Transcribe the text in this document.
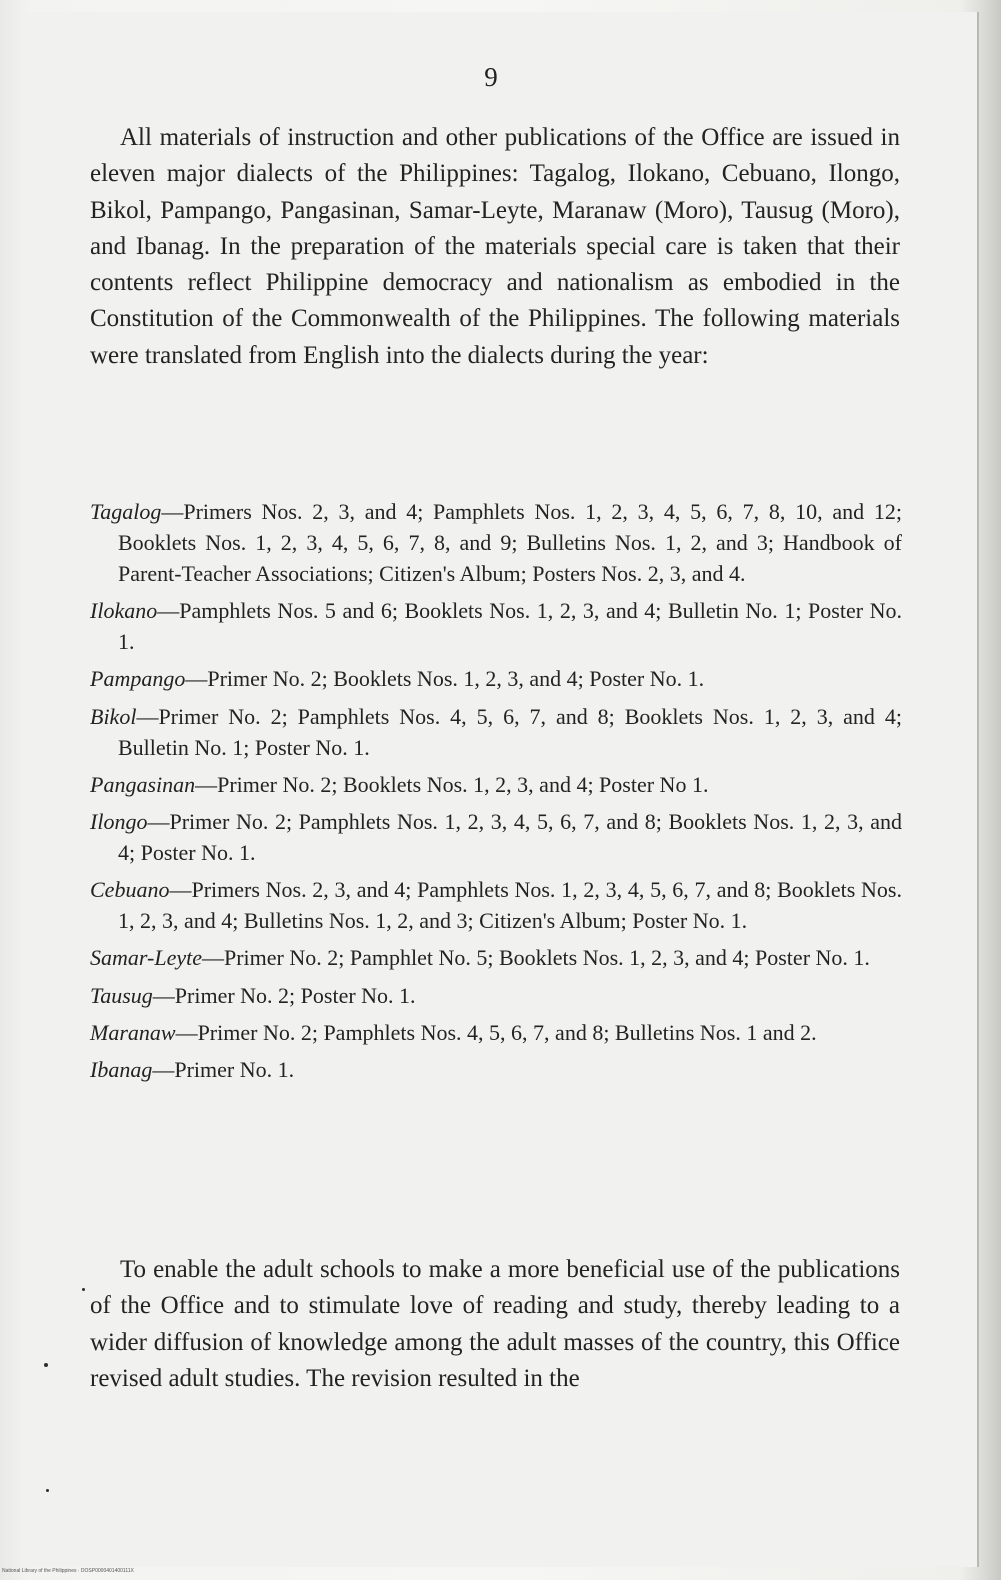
9

All materials of instruction and other publications of the Office are issued in eleven major dialects of the Philippines: Tagalog, Ilokano, Cebuano, Ilongo, Bikol, Pampango, Pangasinan, Samar-Leyte, Maranaw (Moro), Tausug (Moro), and Ibanag. In the preparation of the materials special care is taken that their contents reflect Philippine democracy and nationalism as embodied in the Constitution of the Commonwealth of the Philippines. The following materials were translated from English into the dialects during the year:

Tagalog—Primers Nos. 2, 3, and 4; Pamphlets Nos. 1, 2, 3, 4, 5, 6, 7, 8, 10, and 12; Booklets Nos. 1, 2, 3, 4, 5, 6, 7, 8, and 9; Bulletins Nos. 1, 2, and 3; Handbook of Parent-Teacher Associations; Citizen's Album; Posters Nos. 2, 3, and 4.
Ilokano—Pamphlets Nos. 5 and 6; Booklets Nos. 1, 2, 3, and 4; Bulletin No. 1; Poster No. 1.
Pampango—Primer No. 2; Booklets Nos. 1, 2, 3, and 4; Poster No. 1.
Bikol—Primer No. 2; Pamphlets Nos. 4, 5, 6, 7, and 8; Booklets Nos. 1, 2, 3, and 4; Bulletin No. 1; Poster No. 1.
Pangasinan—Primer No. 2; Booklets Nos. 1, 2, 3, and 4; Poster No 1.
Ilongo—Primer No. 2; Pamphlets Nos. 1, 2, 3, 4, 5, 6, 7, and 8; Booklets Nos. 1, 2, 3, and 4; Poster No. 1.
Cebuano—Primers Nos. 2, 3, and 4; Pamphlets Nos. 1, 2, 3, 4, 5, 6, 7, and 8; Booklets Nos. 1, 2, 3, and 4; Bulletins Nos. 1, 2, and 3; Citizen's Album; Poster No. 1.
Samar-Leyte—Primer No. 2; Pamphlet No. 5; Booklets Nos. 1, 2, 3, and 4; Poster No. 1.
Tausug—Primer No. 2; Poster No. 1.
Maranaw—Primer No. 2; Pamphlets Nos. 4, 5, 6, 7, and 8; Bulletins Nos. 1 and 2.
Ibanag—Primer No. 1.

To enable the adult schools to make a more beneficial use of the publications of the Office and to stimulate love of reading and study, thereby leading to a wider diffusion of knowledge among the adult masses of the country, this Office revised adult studies. The revision resulted in the

National Library of the Philippines · DOSP0000401400111X
